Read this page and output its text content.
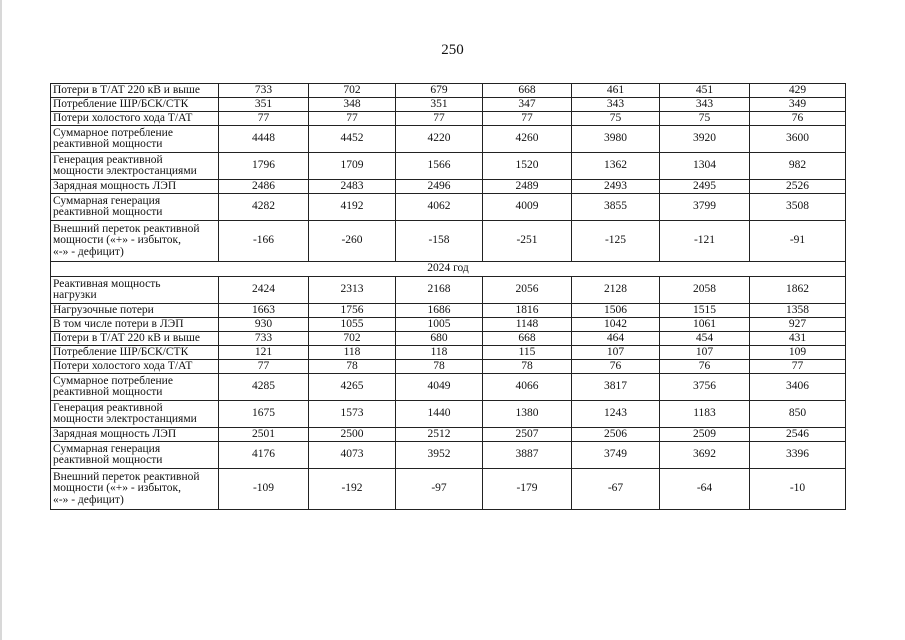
250
Потери в Т/АТ 220 кВ и выше	733	702	679	668	461	451	429
Потребление ШР/БСК/СТК	351	348	351	347	343	343	349
Потери холостого хода Т/АТ	77	77	77	77	75	75	76
Суммарное потребление
реактивной мощности	4448	4452	4220	4260	3980	3920	3600
Генерация реактивной
мощности электростанциями	1796	1709	1566	1520	1362	1304	982
Зарядная мощность ЛЭП	2486	2483	2496	2489	2493	2495	2526
Суммарная генерация
реактивной мощности	4282	4192	4062	4009	3855	3799	3508
Внешний переток реактивной
мощности («+» - избыток,
«-» - дефицит)	-166	-260	-158	-251	-125	-121	-91
2024 год							
Реактивная мощность
нагрузки	2424	2313	2168	2056	2128	2058	1862
Нагрузочные потери	1663	1756	1686	1816	1506	1515	1358
В том числе потери в ЛЭП	930	1055	1005	1148	1042	1061	927
Потери в Т/АТ 220 кВ и выше	733	702	680	668	464	454	431
Потребление ШР/БСК/СТК	121	118	118	115	107	107	109
Потери холостого хода Т/АТ	77	78	78	78	76	76	77
Суммарное потребление
реактивной мощности	4285	4265	4049	4066	3817	3756	3406
Генерация реактивной
мощности электростанциями	1675	1573	1440	1380	1243	1183	850
Зарядная мощность ЛЭП	2501	2500	2512	2507	2506	2509	2546
Суммарная генерация
реактивной мощности	4176	4073	3952	3887	3749	3692	3396
Внешний переток реактивной
мощности («+» - избыток,
«-» - дефицит)	-109	-192	-97	-179	-67	-64	-10
